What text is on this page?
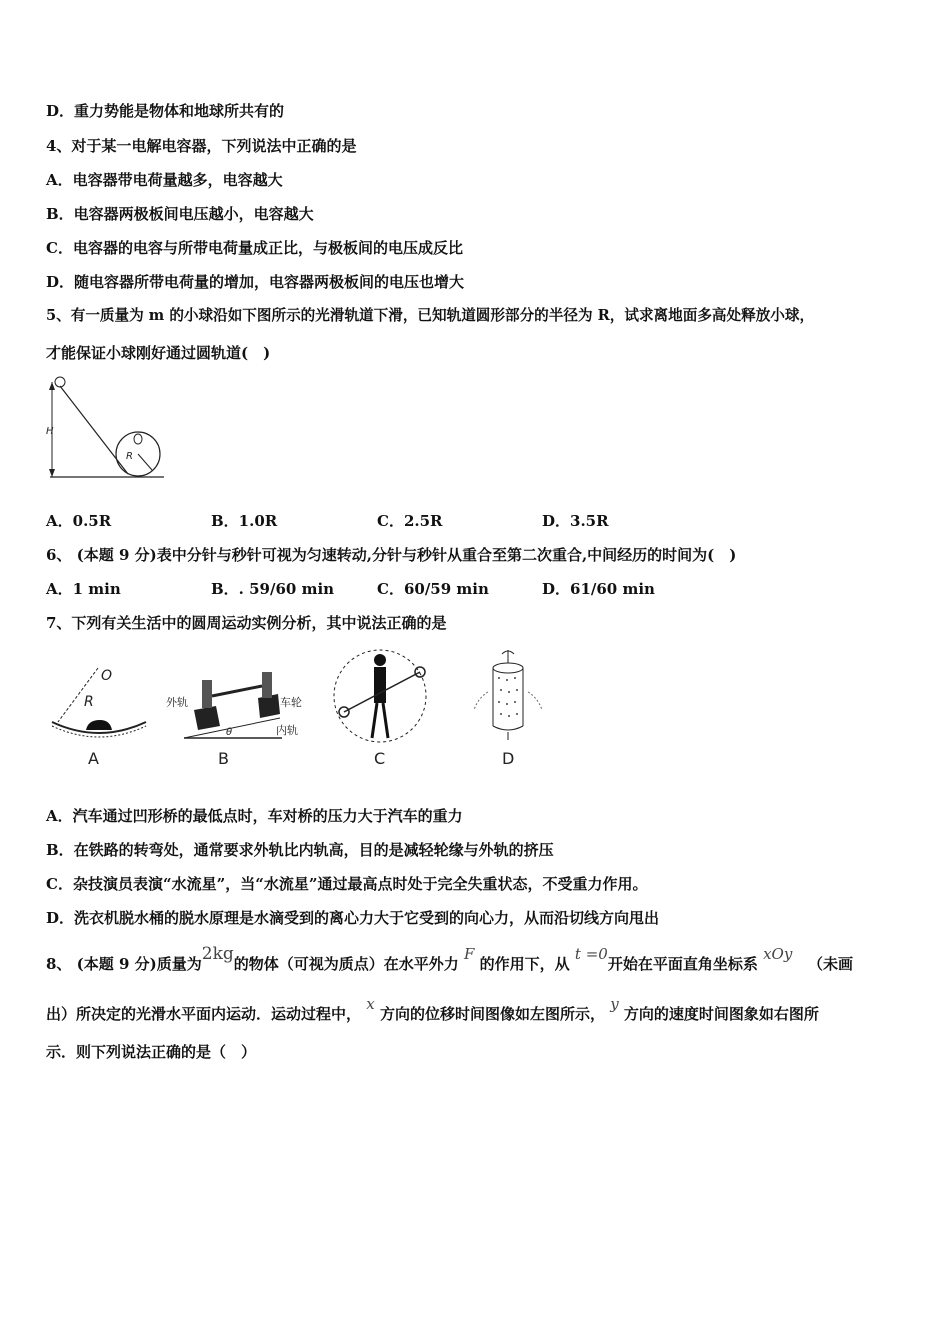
D．重力势能是物体和地球所共有的
4、对于某一电解电容器，下列说法中正确的是
A．电容器带电荷量越多，电容越大
B．电容器两极板间电压越小，电容越大
C．电容器的电容与所带电荷量成正比，与极板间的电压成反比
D．随电容器所带电荷量的增加，电容器两极板间的电压也增大
5、有一质量为 m 的小球沿如下图所示的光滑轨道下滑，已知轨道圆形部分的半径为 R，试求离地面多高处释放小球，
才能保证小球刚好通过圆轨道(　)
H
R
A．0.5R	B．1.0R	C．2.5R	D．3.5R
6、 (本题 9 分)表中分针与秒针可视为匀速转动,分针与秒针从重合至第二次重合,中间经历的时间为(　)
A．1 min	B．. 59/60 min	C．60/59 min	D．61/60 min
7、下列有关生活中的圆周运动实例分析，其中说法正确的是
O
R
A
外轨	车轮
内轨
θ
B	C	D
A．汽车通过凹形桥的最低点时，车对桥的压力大于汽车的重力
B．在铁路的转弯处，通常要求外轨比内轨高，目的是减轻轮缘与外轨的挤压
C．杂技演员表演“水流星”，当“水流星”通过最高点时处于完全失重状态，不受重力作用。
D．洗衣机脱水桶的脱水原理是水滴受到的离心力大于它受到的向心力，从而沿切线方向甩出
8、 (本题 9 分)质量为2kg的物体（可视为质点）在水平外力 F 的作用下，从 t =0开始在平面直角坐标系 xOy   （未画
出）所决定的光滑水平面内运动．运动过程中， x 方向的位移时间图像如左图所示， y 方向的速度时间图象如右图所
示．则下列说法正确的是（　）
